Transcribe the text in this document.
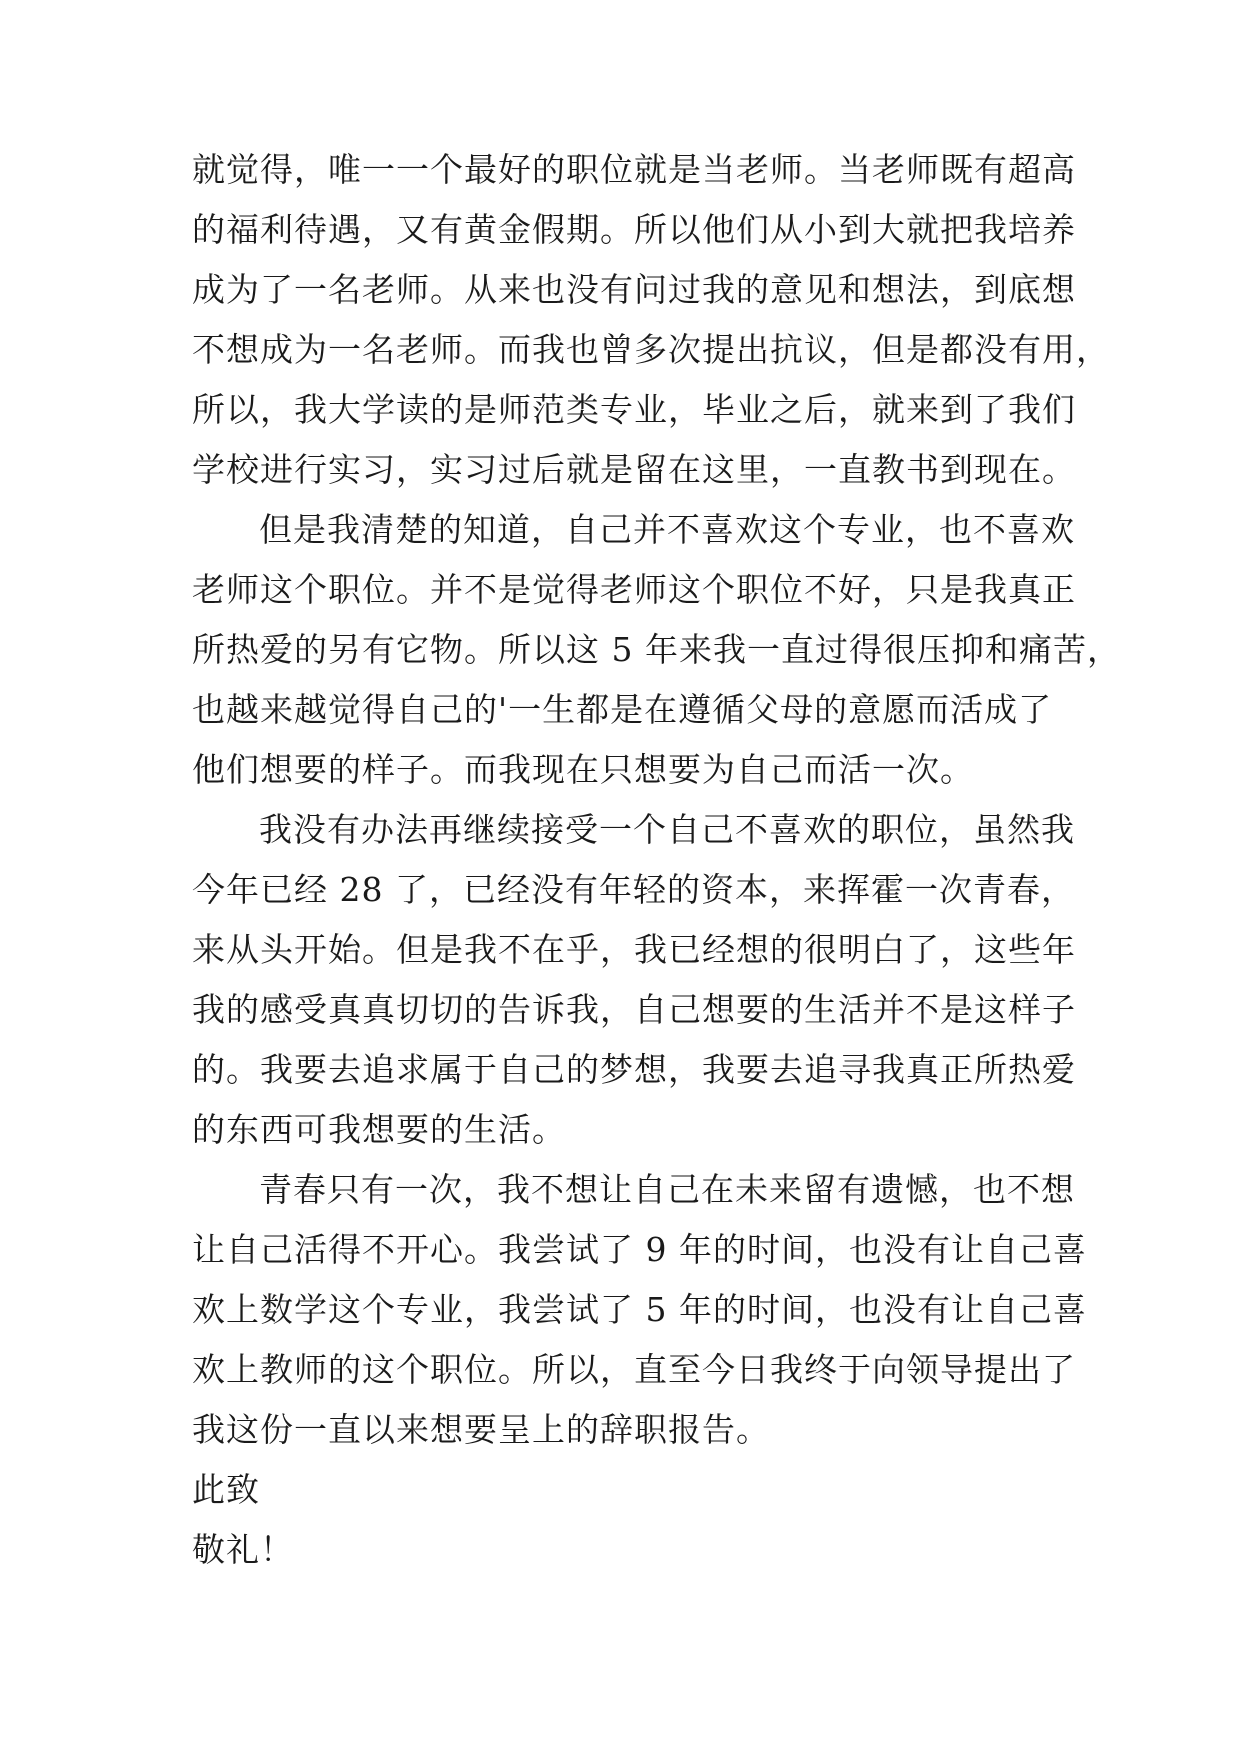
就觉得，唯一一个最好的职位就是当老师。当老师既有超高
的福利待遇，又有黄金假期。所以他们从小到大就把我培养
成为了一名老师。从来也没有问过我的意见和想法，到底想
不想成为一名老师。而我也曾多次提出抗议，但是都没有用，
所以，我大学读的是师范类专业，毕业之后，就来到了我们
学校进行实习，实习过后就是留在这里，一直教书到现在。
但是我清楚的知道，自己并不喜欢这个专业，也不喜欢
老师这个职位。并不是觉得老师这个职位不好，只是我真正
所热爱的另有它物。所以这 5 年来我一直过得很压抑和痛苦，
也越来越觉得自己的'一生都是在遵循父母的意愿而活成了
他们想要的样子。而我现在只想要为自己而活一次。
我没有办法再继续接受一个自己不喜欢的职位，虽然我
今年已经 28 了，已经没有年轻的资本，来挥霍一次青春，
来从头开始。但是我不在乎，我已经想的很明白了，这些年
我的感受真真切切的告诉我，自己想要的生活并不是这样子
的。我要去追求属于自己的梦想，我要去追寻我真正所热爱
的东西可我想要的生活。
青春只有一次，我不想让自己在未来留有遗憾，也不想
让自己活得不开心。我尝试了 9 年的时间，也没有让自己喜
欢上数学这个专业，我尝试了 5 年的时间，也没有让自己喜
欢上教师的这个职位。所以，直至今日我终于向领导提出了
我这份一直以来想要呈上的辞职报告。
此致
敬礼！
